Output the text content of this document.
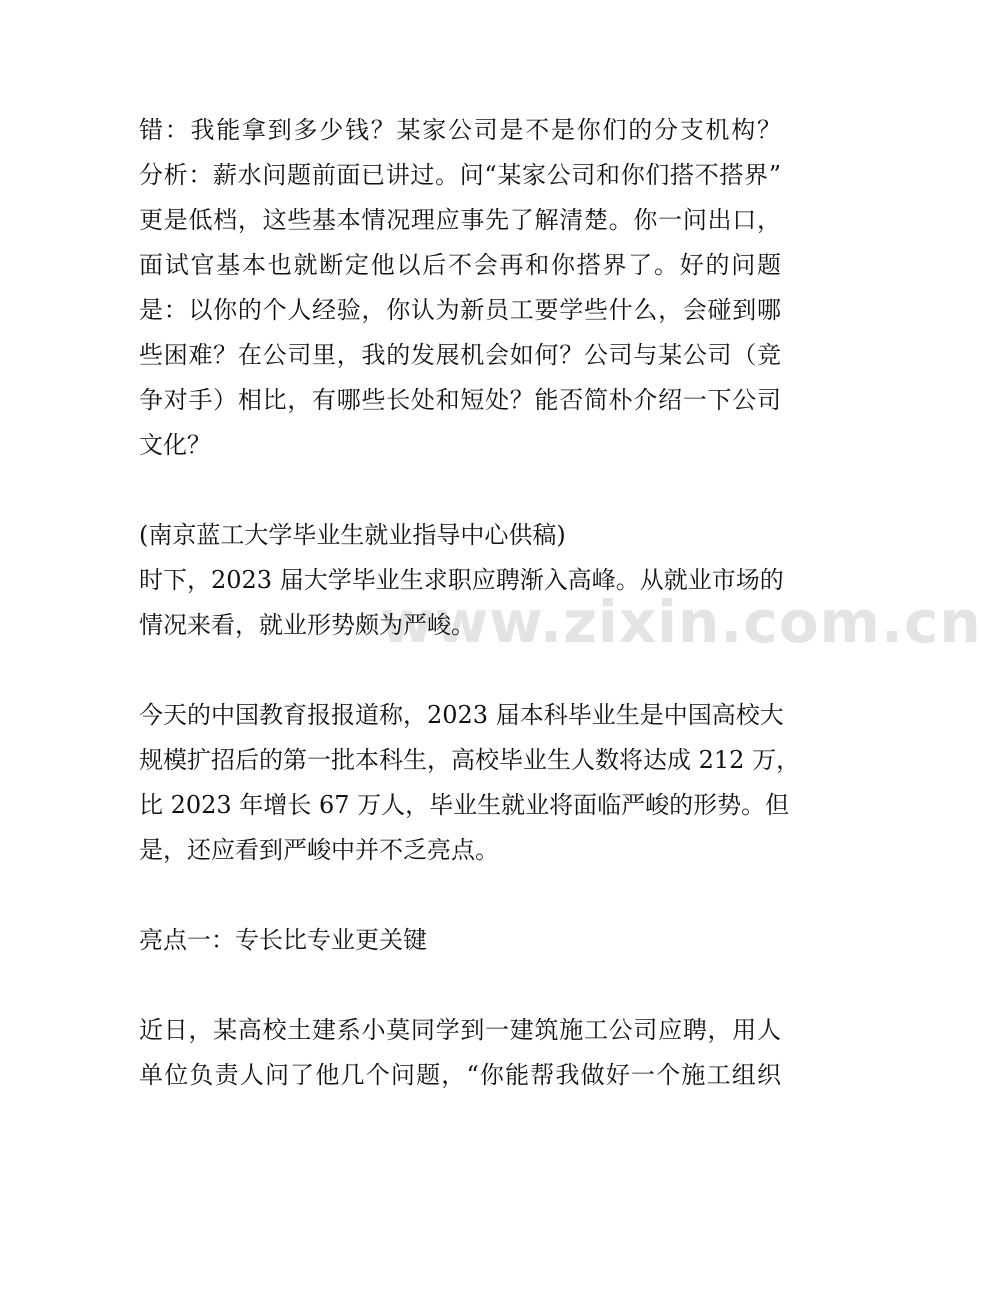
www.zixin.com.cn
错：我能拿到多少钱？某家公司是不是你们的分支机构？
分析：薪水问题前面已讲过。问“某家公司和你们搭不搭界”
更是低档，这些基本情况理应事先了解清楚。你一问出口，
面试官基本也就断定他以后不会再和你搭界了。好的问题
是：以你的个人经验，你认为新员工要学些什么，会碰到哪
些困难？在公司里，我的发展机会如何？公司与某公司（竞
争对手）相比，有哪些长处和短处？能否简朴介绍一下公司
文化？
(南京蓝工大学毕业生就业指导中心供稿)
时下，2023 届大学毕业生求职应聘渐入高峰。从就业市场的
情况来看，就业形势颇为严峻。
今天的中国教育报报道称，2023 届本科毕业生是中国高校大
规模扩招后的第一批本科生，高校毕业生人数将达成 212 万，
比 2023 年增长 67 万人，毕业生就业将面临严峻的形势。但
是，还应看到严峻中并不乏亮点。
亮点一：专长比专业更关键
近日，某高校土建系小莫同学到一建筑施工公司应聘，用人
单位负责人问了他几个问题，“你能帮我做好一个施工组织
